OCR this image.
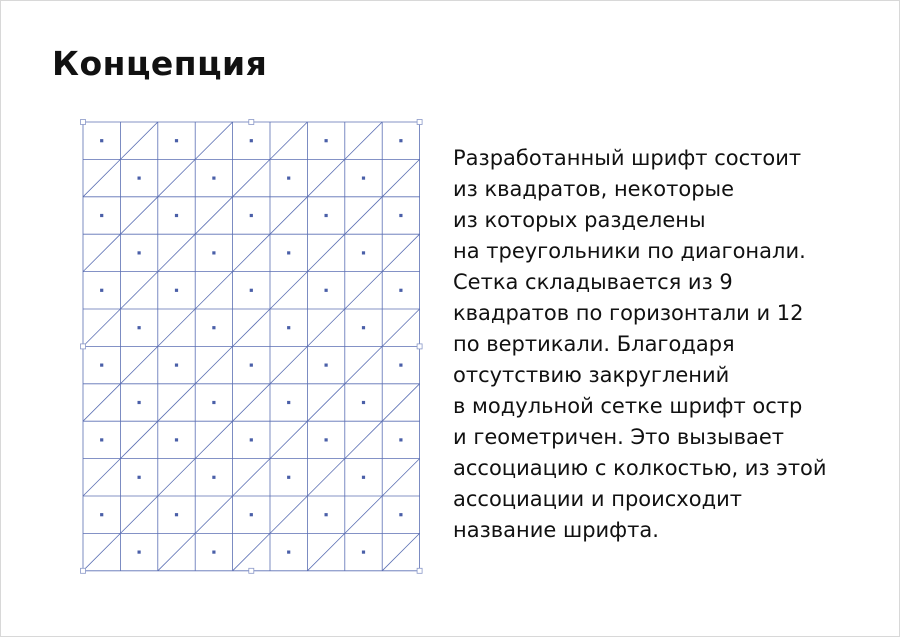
Концепция

Разработанный шрифт состоит
из квадратов, некоторые
из которых разделены
на треугольники по диагонали.
Сетка складывается из 9
квадратов по горизонтали и 12
по вертикали. Благодаря
отсутствию закруглений
в модульной сетке шрифт остр
и геометричен. Это вызывает
ассоциацию с колкостью, из этой
ассоциации и происходит
название шрифта.
